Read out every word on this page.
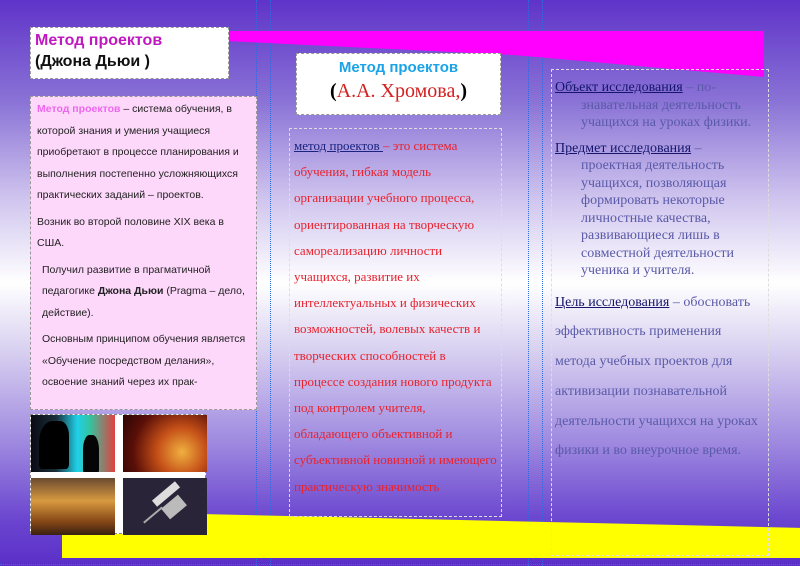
Метод проектов
(Джона Дьюи )

Метод проектов – система обучения, в которой знания и умения учащиеся приобретают в процессе планирования и выполнения постепенно усложняющихся практических заданий – проектов.

Возник во второй половине XIX века в США.

Получил развитие в прагматичной педагогике Джона Дьюи (Pragma – дело, действие).

Основным принципом обучения является «Обучение посредством делания», освоение знаний через их прак-

Метод проектов
(А.А. Хромова,)
метод проектов – это система обучения, гибкая модель организации учебного процесса, ориентированная на творческую самореализацию личности учащихся, развитие их интеллектуальных и физических возможностей, волевых качеств и творческих способностей в процессе создания нового продукта под контролем учителя, обладающего объективной и субъективной новизной и имеющего практическую значимость
Объект исследования – по-
знавательная деятельность учащихся на уроках физики.
Предмет исследования –
проектная деятельность учащихся, позволяющая формировать некоторые личностные качества, развивающиеся лишь в совместной деятельности ученика и учителя.
Цель исследования – обосновать эффективность применения метода учебных проектов для активизации познавательной деятельности учащихся на уроках физики и во внеурочное время.
